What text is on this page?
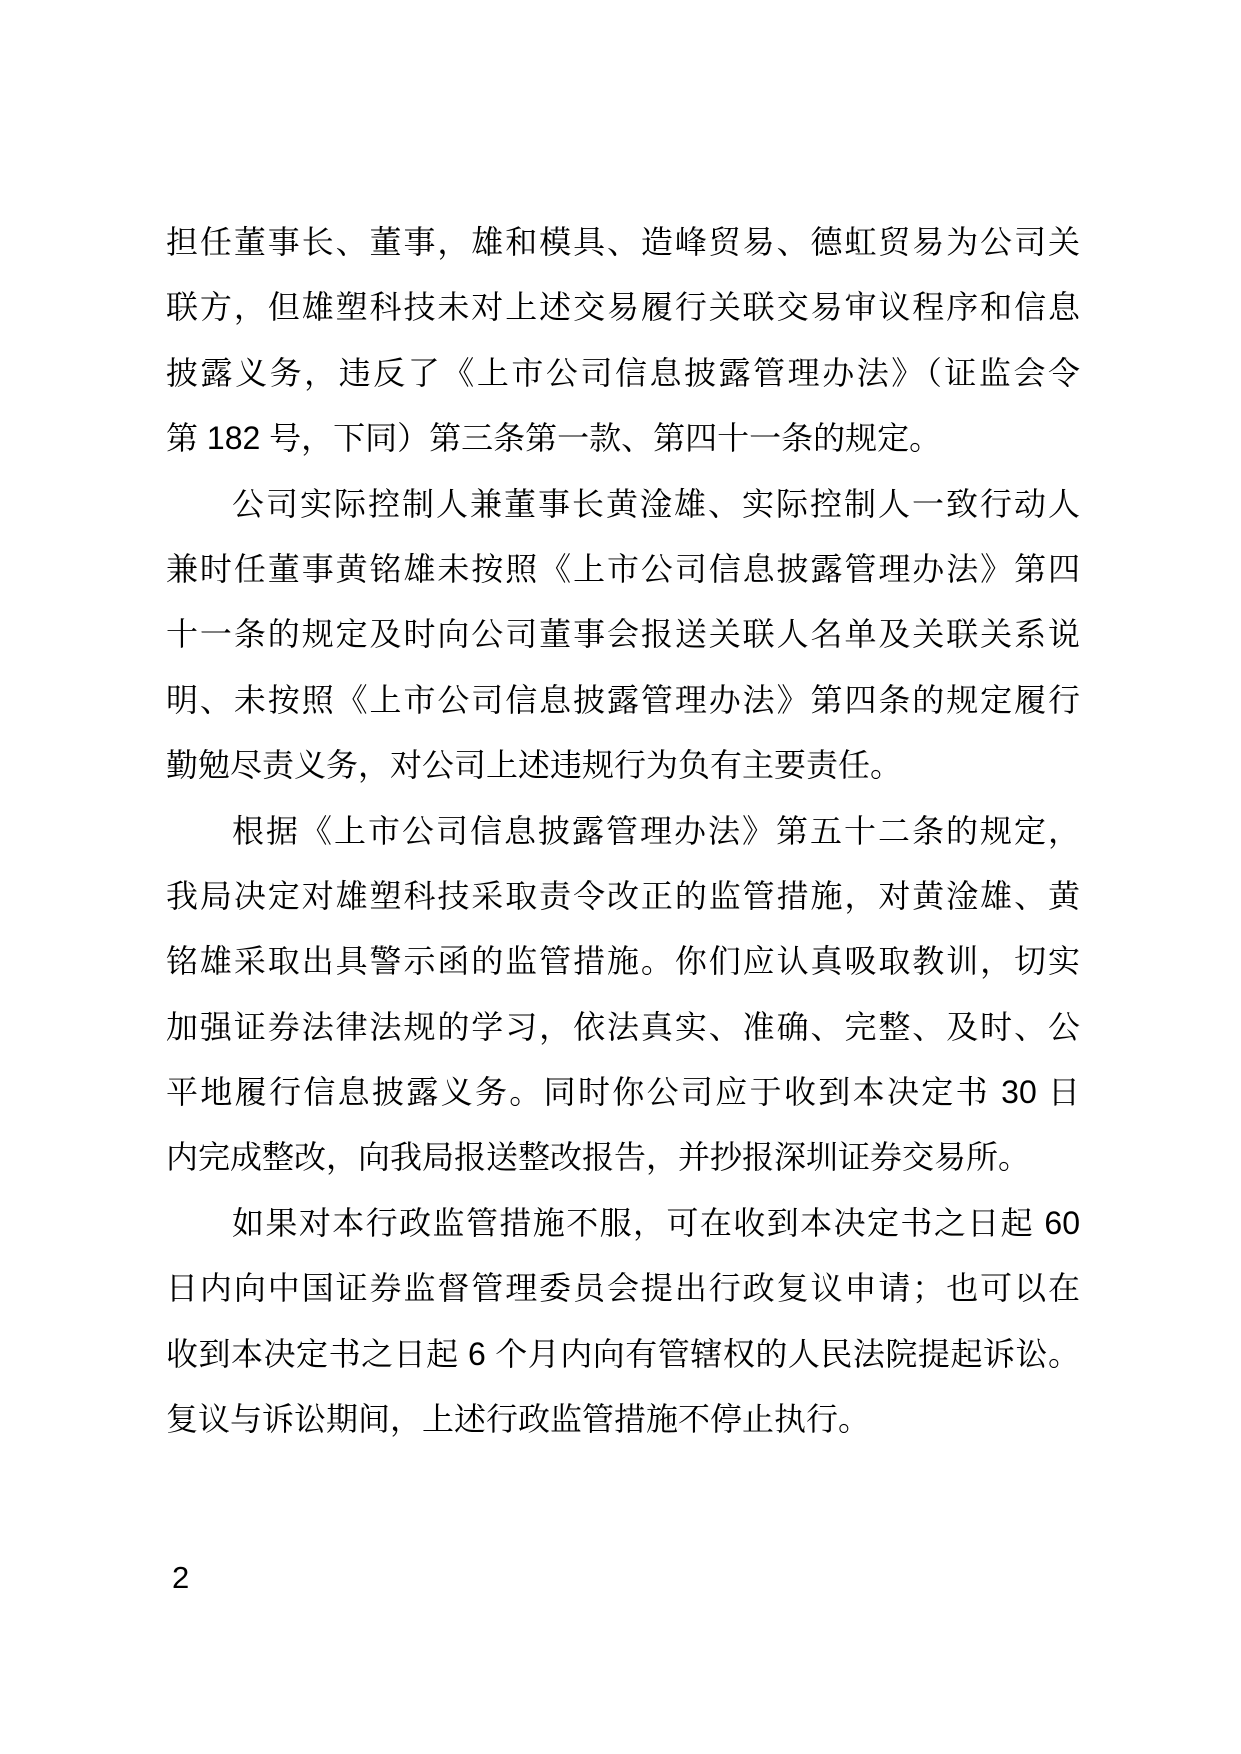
担任董事长、董事，雄和模具、造峰贸易、德虹贸易为公司关
联方，但雄塑科技未对上述交易履行关联交易审议程序和信息
披露义务，违反了《上市公司信息披露管理办法》（证监会令
第 182 号，下同）第三条第一款、第四十一条的规定。
公司实际控制人兼董事长黄淦雄、实际控制人一致行动人
兼时任董事黄铭雄未按照《上市公司信息披露管理办法》第四
十一条的规定及时向公司董事会报送关联人名单及关联关系说
明、未按照《上市公司信息披露管理办法》第四条的规定履行
勤勉尽责义务，对公司上述违规行为负有主要责任。
根据《上市公司信息披露管理办法》第五十二条的规定，
我局决定对雄塑科技采取责令改正的监管措施，对黄淦雄、黄
铭雄采取出具警示函的监管措施。你们应认真吸取教训，切实
加强证券法律法规的学习，依法真实、准确、完整、及时、公
平地履行信息披露义务。同时你公司应于收到本决定书 30 日
内完成整改，向我局报送整改报告，并抄报深圳证券交易所。
如果对本行政监管措施不服，可在收到本决定书之日起 60
日内向中国证券监督管理委员会提出行政复议申请；也可以在
收到本决定书之日起 6 个月内向有管辖权的人民法院提起诉讼。
复议与诉讼期间，上述行政监管措施不停止执行。
2
